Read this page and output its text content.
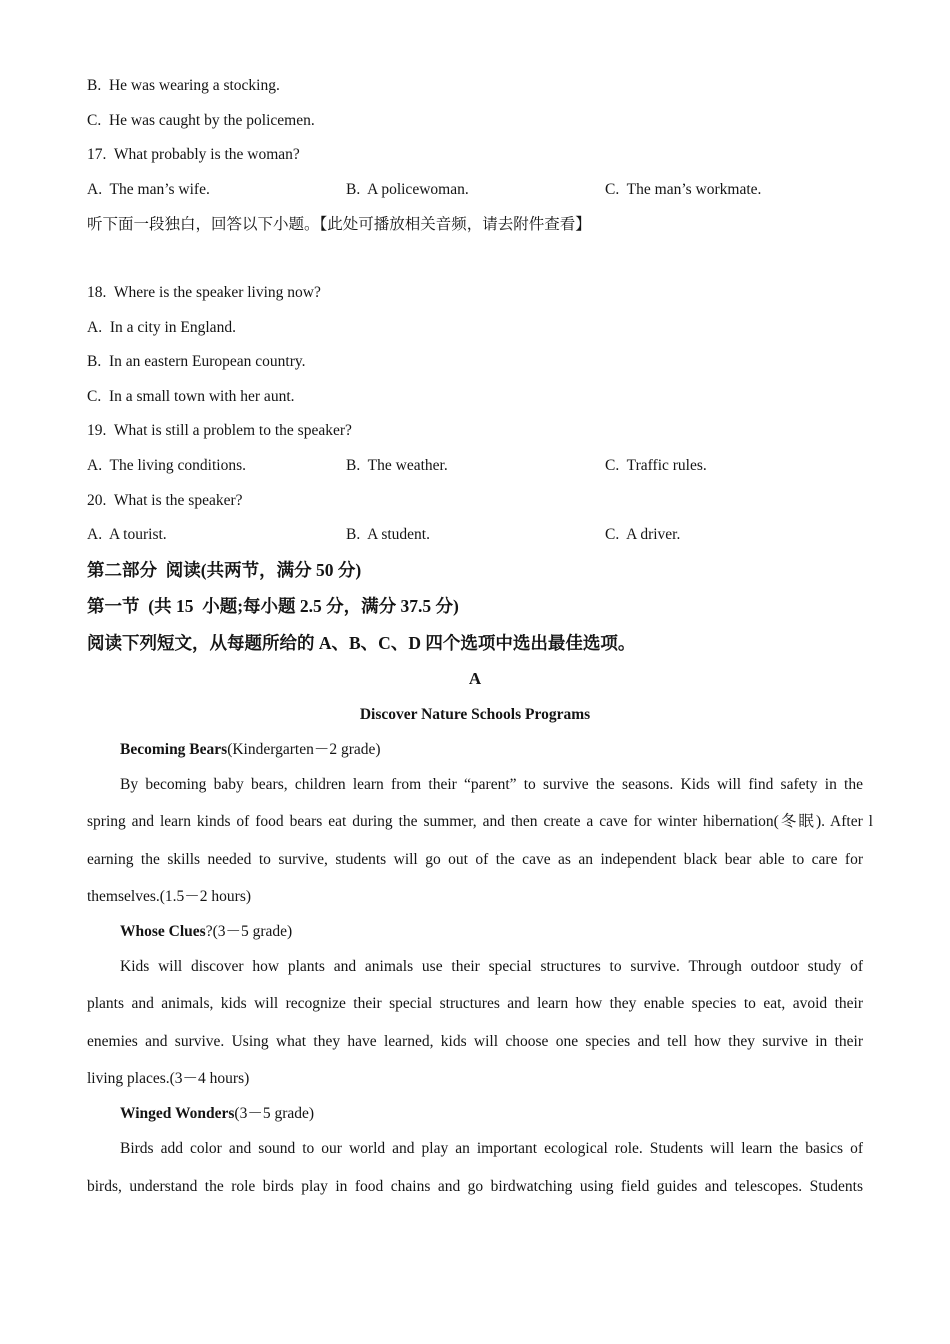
B.  He was wearing a stocking.
C.  He was caught by the policemen.
17.  What probably is the woman?
A.  The man’s wife.	B.  A policewoman.	C.  The man’s workmate.
听下面一段独白，回答以下小题。【此处可播放相关音频，请去附件查看】
18.  Where is the speaker living now?
A.  In a city in England.
B.  In an eastern European country.
C.  In a small town with her aunt.
19.  What is still a problem to the speaker?
A.  The living conditions.	B.  The weather.	C.  Traffic rules.
20.  What is the speaker?
A.  A tourist.	B.  A student.	C.  A driver.
第二部分  阅读(共两节，满分 50 分)
第一节  (共 15  小题;每小题 2.5 分，满分 37.5 分)
阅读下列短文，从每题所给的 A、B、C、D 四个选项中选出最佳选项。
A
Discover Nature Schools Programs
Becoming Bears(Kindergarten－2 grade)
By becoming baby bears, children learn from their “parent” to survive the seasons. Kids will find safety in the
spring and learn kinds of food bears eat during the summer, and then create a cave for winter hibernation(冬眠). After l
earning the skills needed to survive, students will go out of the cave as an independent black bear able to care for
themselves.(1.5－2 hours)
Whose Clues?(3－5 grade)
Kids will discover how plants and animals use their special structures to survive. Through outdoor study of
plants and animals, kids will recognize their special structures and learn how they enable species to eat, avoid their
enemies and survive. Using what they have learned, kids will choose one species and tell how they survive in their
living places.(3－4 hours)
Winged Wonders(3－5 grade)
Birds add color and sound to our world and play an important ecological role. Students will learn the basics of
birds, understand the role birds play in food chains and go birdwatching using field guides and telescopes. Students
